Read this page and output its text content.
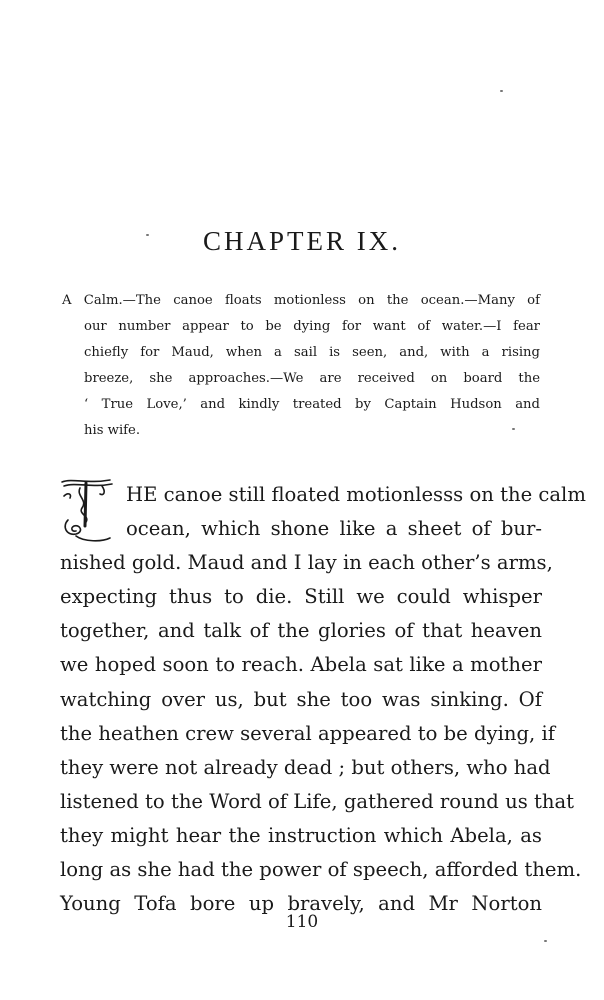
CHAPTER IX.
A Calm.—The canoe floats motionless on the ocean.—Many of
our number appear to be dying for want of water.—I fear
chiefly for Maud, when a sail is seen, and, with a rising
breeze, she approaches.—We are received on board the
‘ True Love,’ and kindly treated by Captain Hudson and
his wife.
T
HE canoe still floated motionlesss on the calm
ocean, which shone like a sheet of bur-
nished gold. Maud and I lay in each other’s arms,
expecting thus to die. Still we could whisper
together, and talk of the glories of that heaven
we hoped soon to reach. Abela sat like a mother
watching over us, but she too was sinking. Of
the heathen crew several appeared to be dying, if
they were not already dead ; but others, who had
listened to the Word of Life, gathered round us that
they might hear the instruction which Abela, as
long as she had the power of speech, afforded them.
Young Tofa bore up bravely, and Mr Norton
110
